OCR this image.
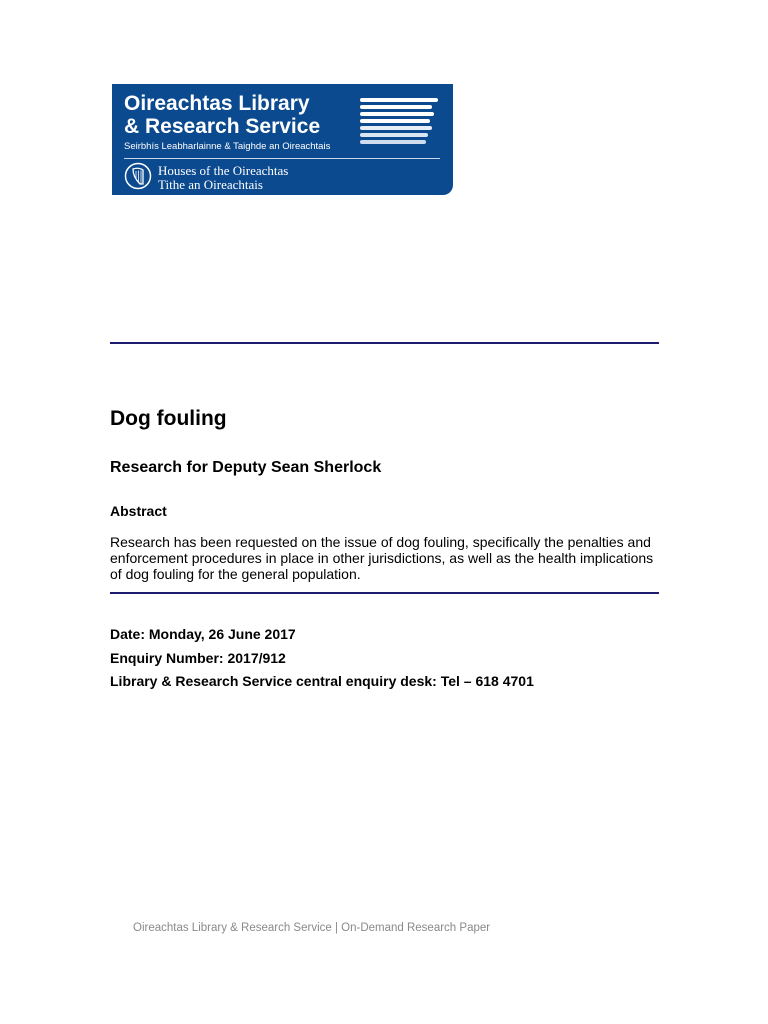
Oireachtas Library
& Research Service
Seirbhís Leabharlainne & Taighde an Oireachtais
Houses of the Oireachtas
Tithe an Oireachtais
Dog fouling
Research for Deputy Sean Sherlock
Abstract

Research has been requested on the issue of dog fouling, specifically the penalties and enforcement procedures in place in other jurisdictions, as well as the health implications of dog fouling for the general population.

Date: Monday, 26 June 2017

Enquiry Number: 2017/912

Library & Research Service central enquiry desk: Tel – 618 4701

Oireachtas Library & Research Service | On-Demand Research Paper
